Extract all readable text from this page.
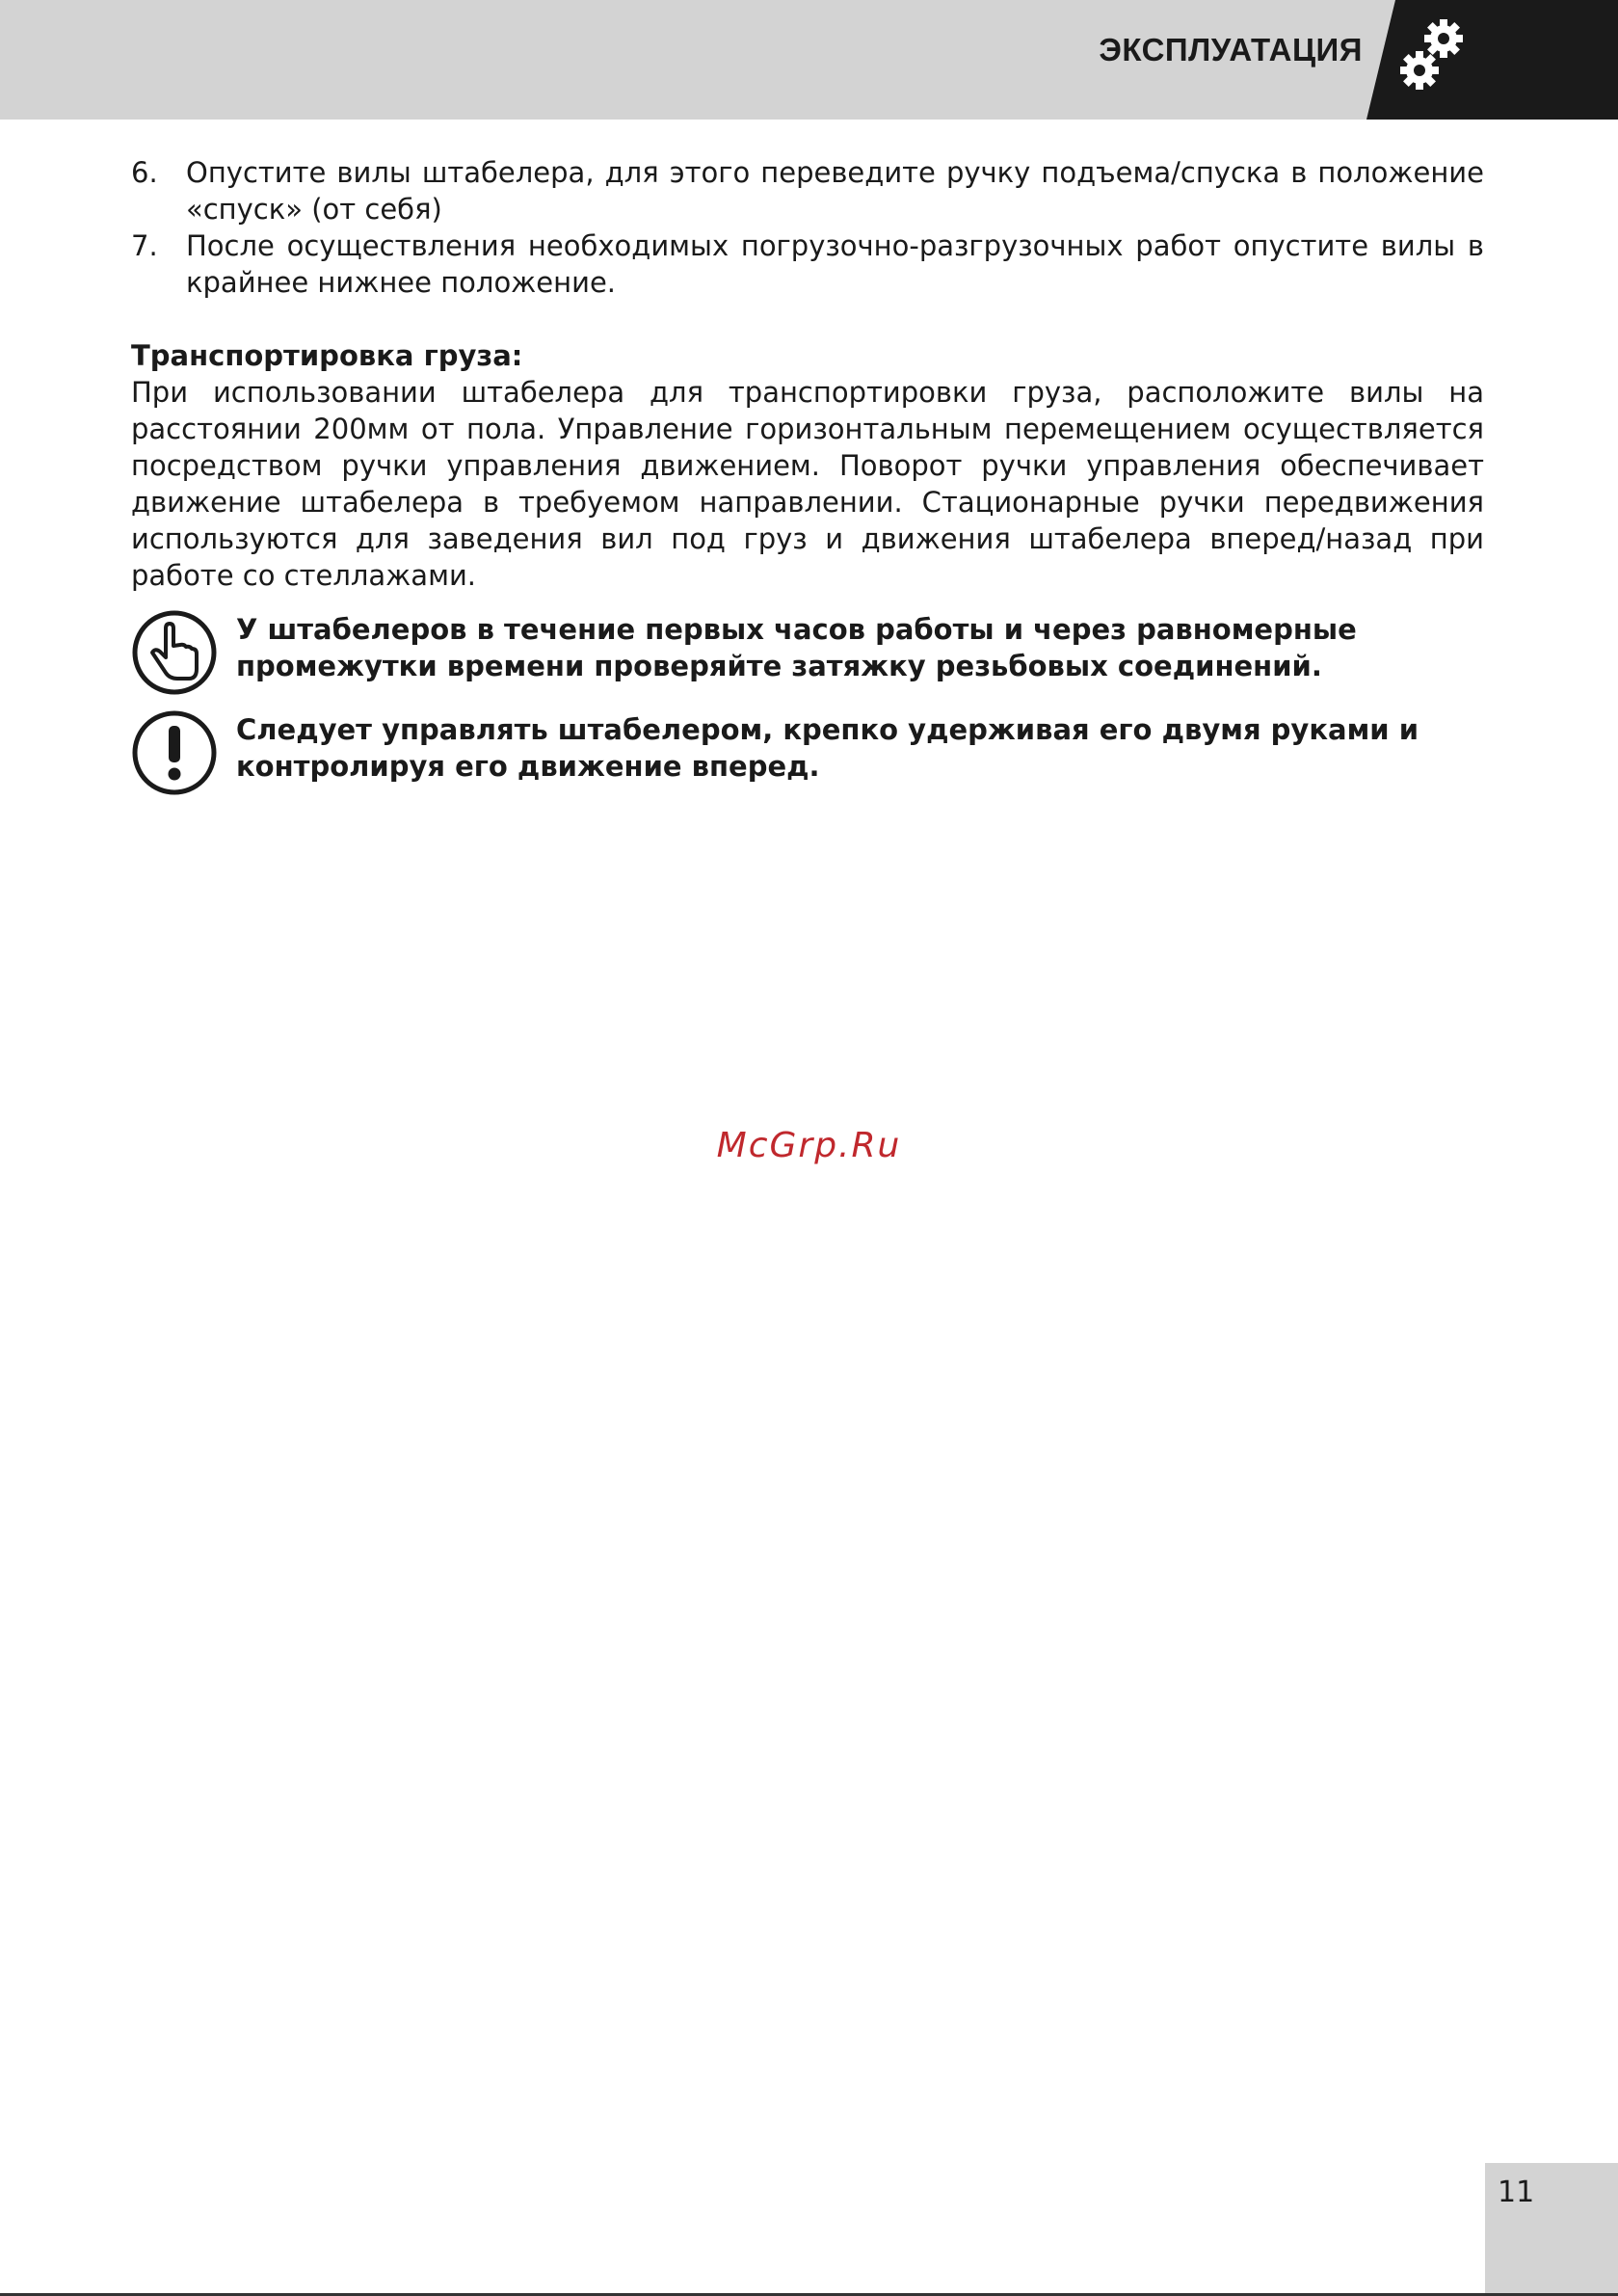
ЭКСПЛУАТАЦИЯ
6. Опустите вилы штабелера, для этого переведите ручку подъема/спуска в положение «спуск» (от себя)
7. После осуществления необходимых погрузочно-разгрузочных работ опустите вилы в крайнее нижнее положение.
Транспортировка груза:
При использовании штабелера для транспортировки груза, расположите вилы на расстоянии 200мм от пола. Управление горизонтальным перемещением осуществляется посредством ручки управления движением. Поворот ручки управления обеспечивает движение штабелера в требуемом направлении. Стационарные ручки передвижения используются для заведения вил под груз и движения штабелера вперед/назад при работе со стеллажами.
У штабелеров в течение первых часов работы и через равномерные промежутки времени проверяйте затяжку резьбовых соединений.
Следует управлять штабелером, крепко удерживая его двумя руками и контролируя его движение вперед.
McGrp.Ru
11
